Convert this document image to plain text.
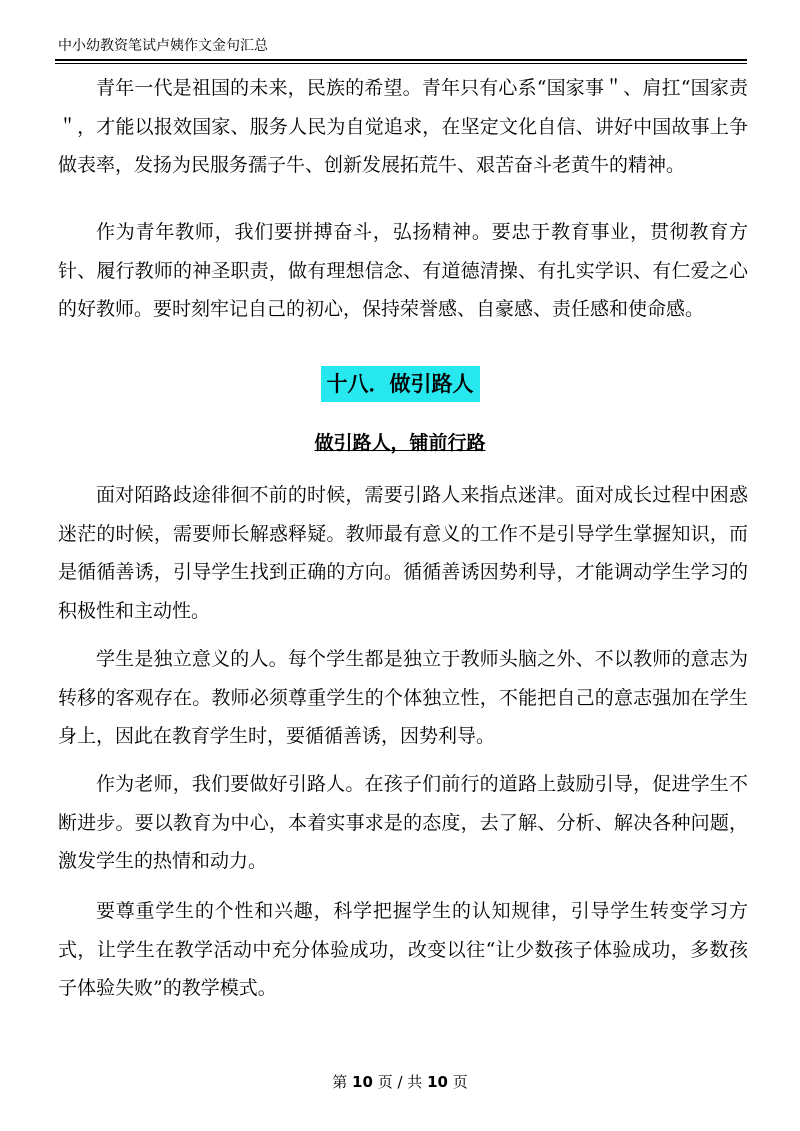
中小幼教资笔试卢姨作文金句汇总

青年一代是祖国的未来，民族的希望。青年只有心系“国家事＂、肩扛“国家责＂，才能以报效国家、服务人民为自觉追求，在坚定文化自信、讲好中国故事上争做表率，发扬为民服务孺子牛、创新发展拓荒牛、艰苦奋斗老黄牛的精神。

作为青年教师，我们要拼搏奋斗，弘扬精神。要忠于教育事业，贯彻教育方针、履行教师的神圣职责，做有理想信念、有道德清操、有扎实学识、有仁爱之心的好教师。要时刻牢记自己的初心，保持荣誉感、自豪感、责任感和使命感。

十八．做引路人
做引路人，铺前行路

面对陌路歧途徘徊不前的时候，需要引路人来指点迷津。面对成长过程中困惑迷茫的时候，需要师长解惑释疑。教师最有意义的工作不是引导学生掌握知识，而是循循善诱，引导学生找到正确的方向。循循善诱因势利导，才能调动学生学习的积极性和主动性。

学生是独立意义的人。每个学生都是独立于教师头脑之外、不以教师的意志为转移的客观存在。教师必须尊重学生的个体独立性，不能把自己的意志强加在学生身上，因此在教育学生时，要循循善诱，因势利导。

作为老师，我们要做好引路人。在孩子们前行的道路上鼓励引导，促进学生不断进步。要以教育为中心，本着实事求是的态度，去了解、分析、解决各种问题，激发学生的热情和动力。

要尊重学生的个性和兴趣，科学把握学生的认知规律，引导学生转变学习方式，让学生在教学活动中充分体验成功，改变以往“让少数孩子体验成功，多数孩子体验失败”的教学模式。

第 10 页 / 共 10 页
